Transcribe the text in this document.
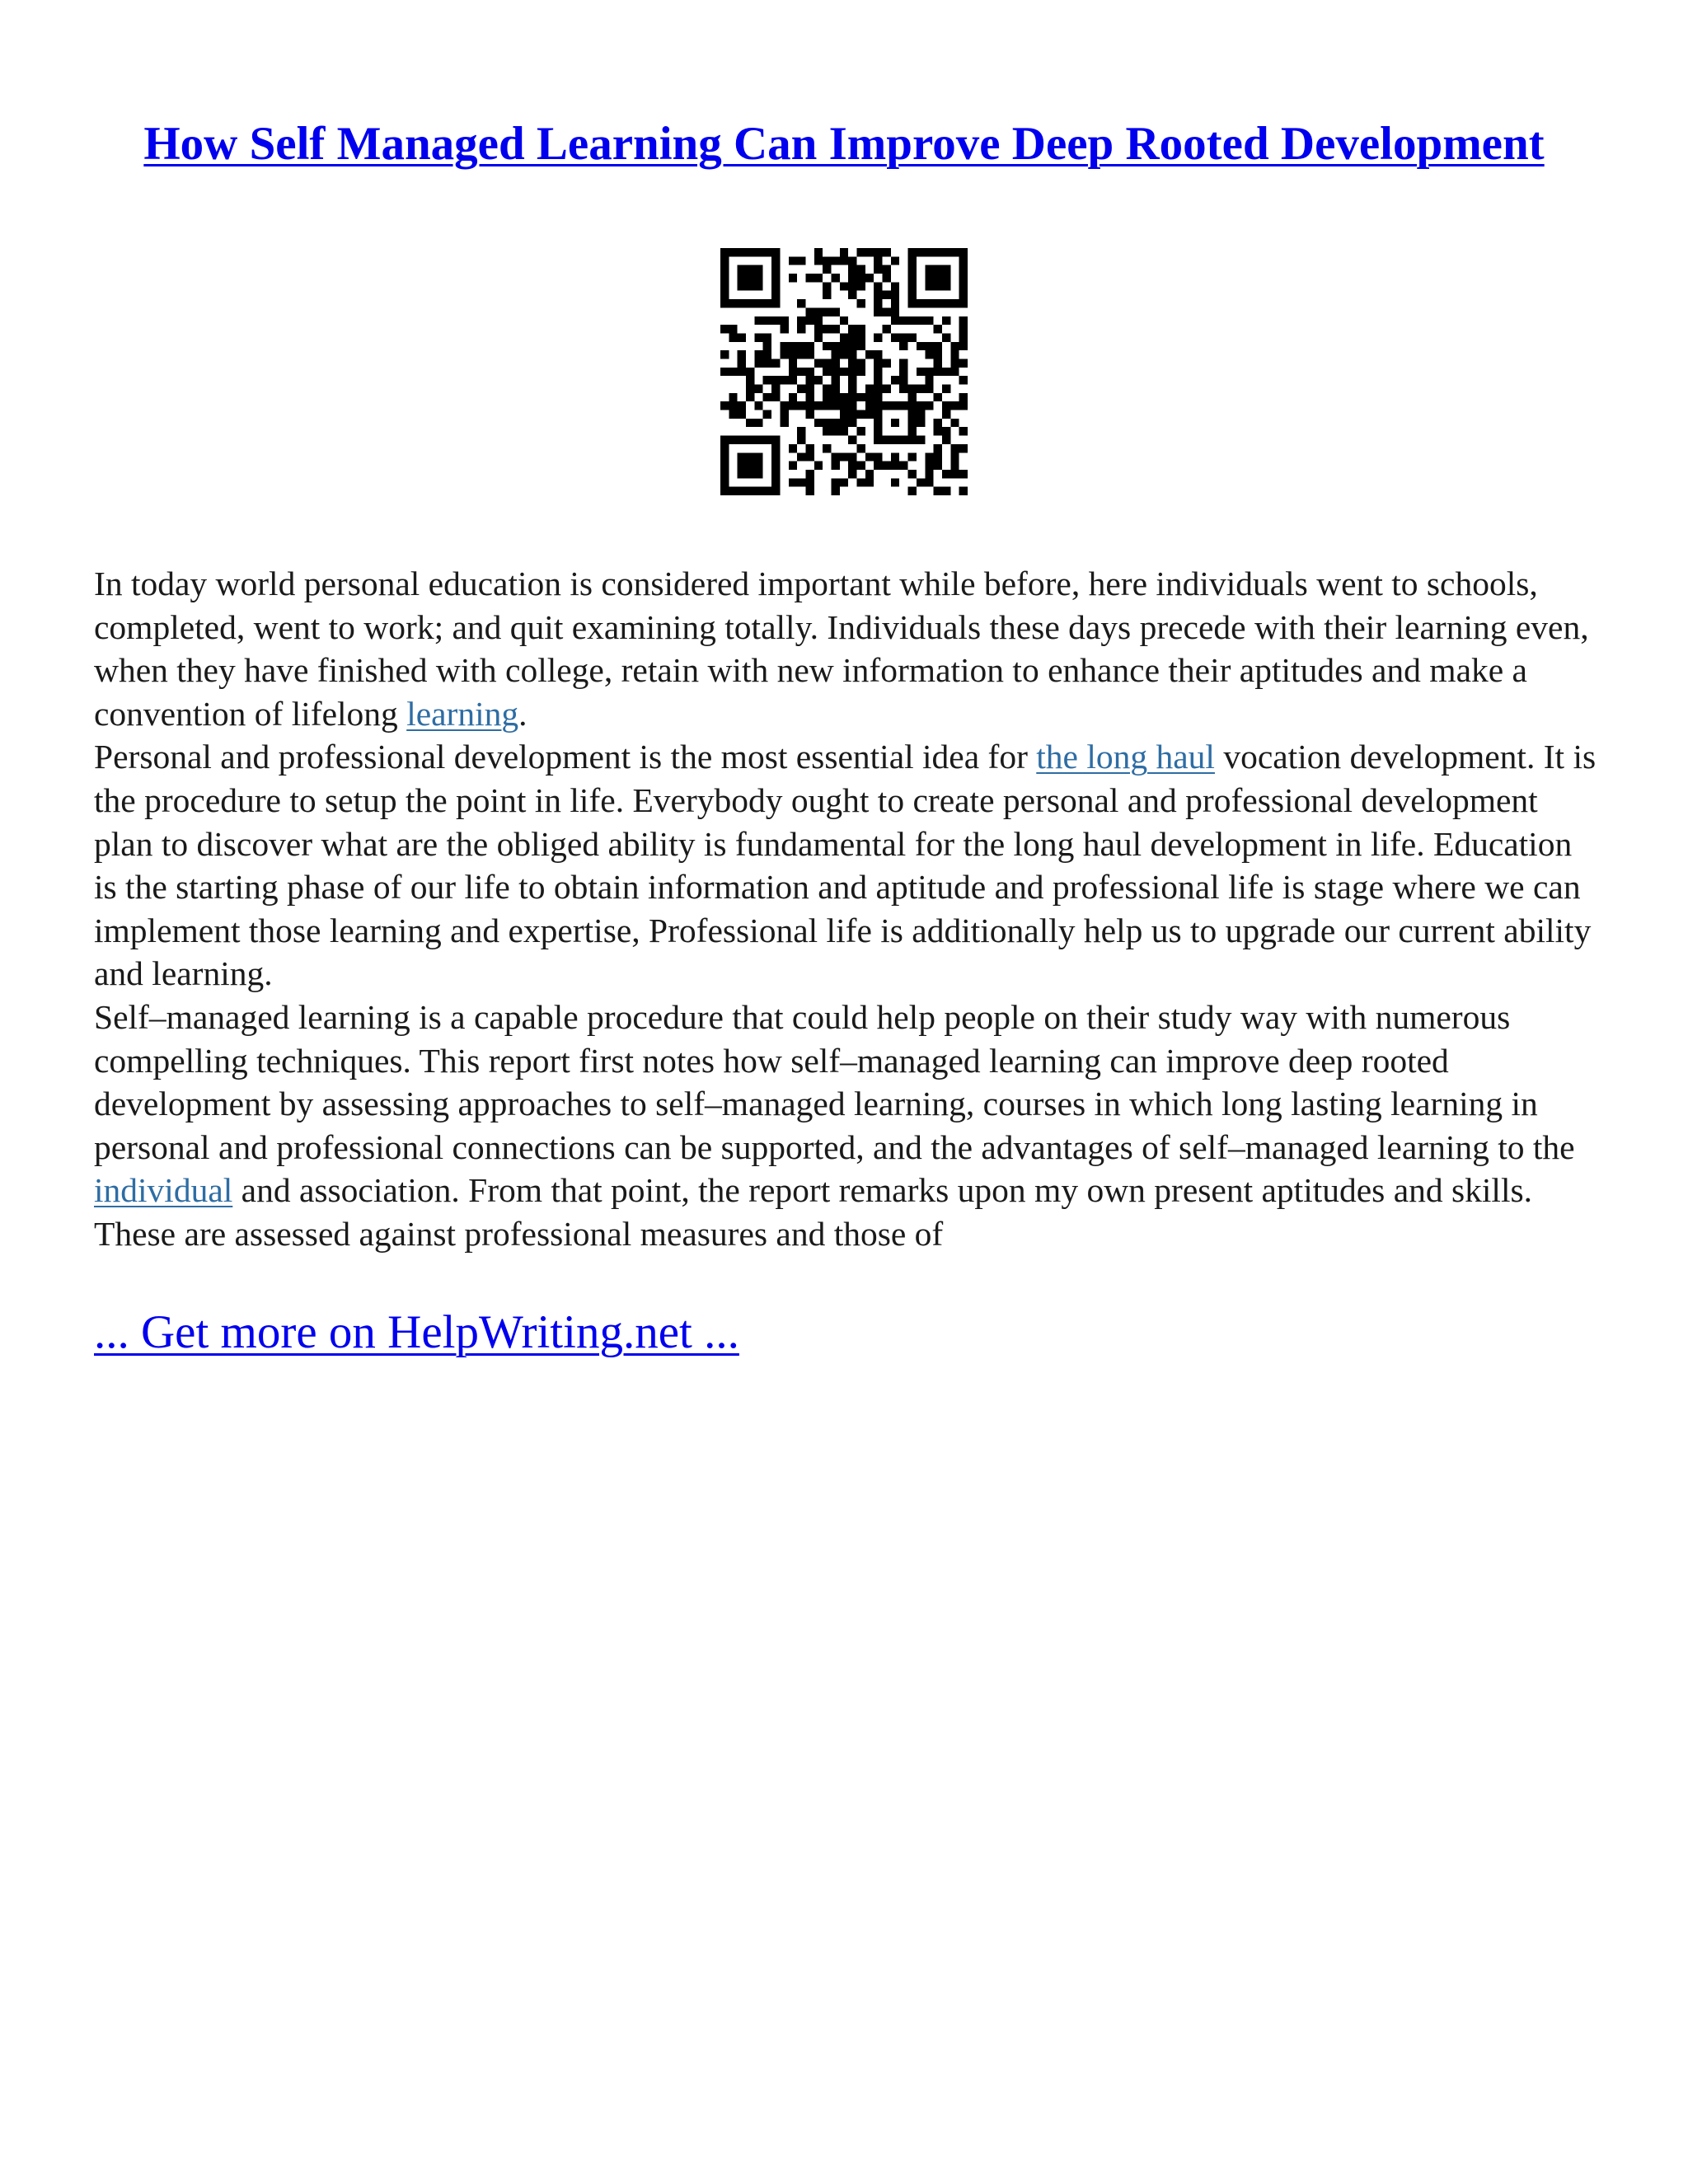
How Self Managed Learning Can Improve Deep Rooted Development

In today world personal education is considered important while before, here individuals went to schools, completed, went to work; and quit examining totally. Individuals these days precede with their learning even, when they have finished with college, retain with new information to enhance their aptitudes and make a convention of lifelong learning.

Personal and professional development is the most essential idea for the long haul vocation development. It is the procedure to setup the point in life. Everybody ought to create personal and professional development plan to discover what are the obliged ability is fundamental for the long haul development in life. Education is the starting phase of our life to obtain information and aptitude and professional life is stage where we can implement those learning and expertise, Professional life is additionally help us to upgrade our current ability and learning.

Self–managed learning is a capable procedure that could help people on their study way with numerous compelling techniques. This report first notes how self–managed learning can improve deep rooted development by assessing approaches to self–managed learning, courses in which long lasting learning in personal and professional connections can be supported, and the advantages of self–managed learning to the individual and association. From that point, the report remarks upon my own present aptitudes and skills. These are assessed against professional measures and those of

... Get more on HelpWriting.net ...
